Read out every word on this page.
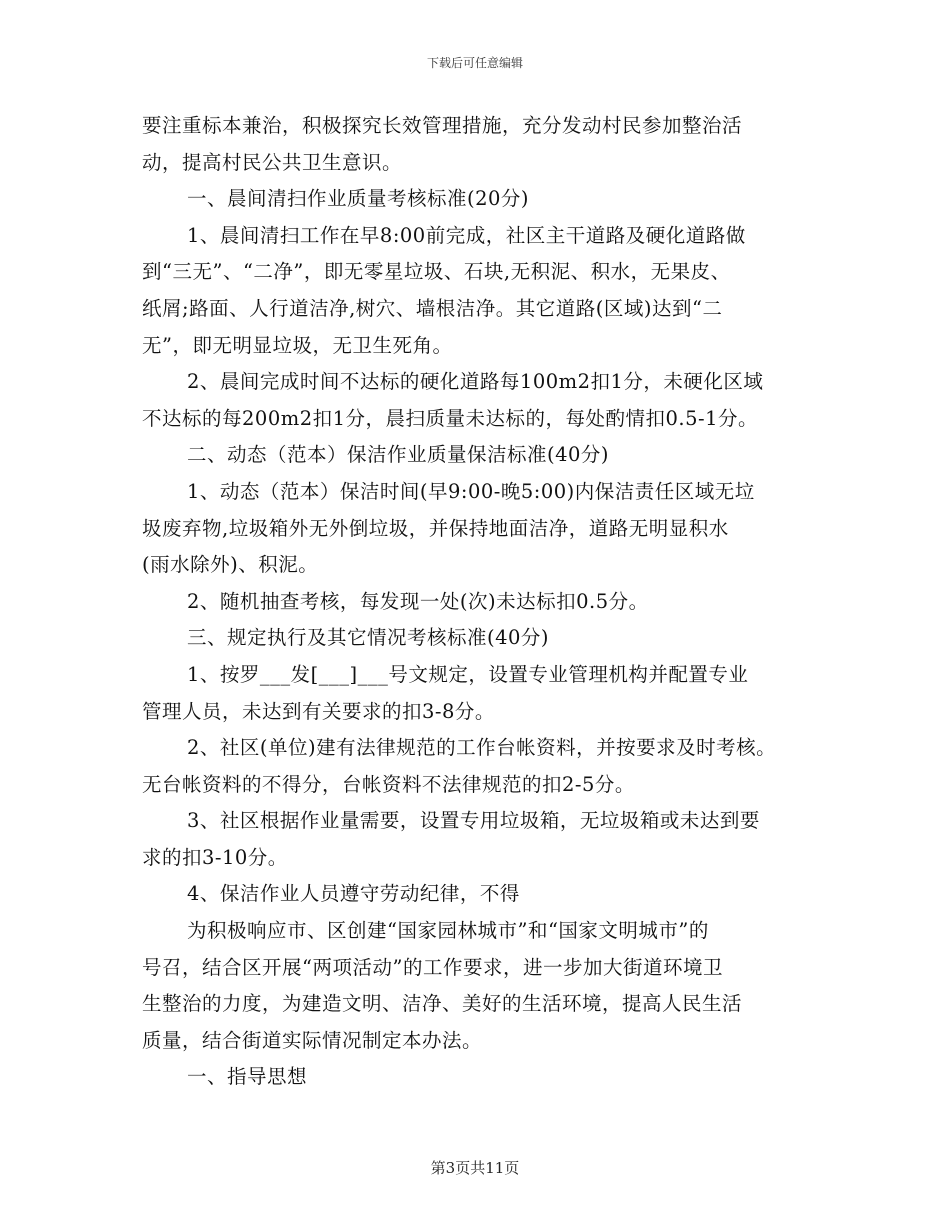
下载后可任意编辑
要注重标本兼治，积极探究长效管理措施，充分发动村民参加整治活
动，提高村民公共卫生意识。
一、晨间清扫作业质量考核标准(20分)
1、晨间清扫工作在早8:00前完成，社区主干道路及硬化道路做
到“三无”、“二净”，即无零星垃圾、石块,无积泥、积水，无果皮、
纸屑;路面、人行道洁净,树穴、墙根洁净。其它道路(区域)达到“二
无”，即无明显垃圾，无卫生死角。
2、晨间完成时间不达标的硬化道路每100m2扣1分，未硬化区域
不达标的每200m2扣1分，晨扫质量未达标的，每处酌情扣0.5-1分。
二、动态（范本）保洁作业质量保洁标准(40分)
1、动态（范本）保洁时间(早9:00-晚5:00)内保洁责任区域无垃
圾废弃物,垃圾箱外无外倒垃圾，并保持地面洁净，道路无明显积水
(雨水除外)、积泥。
2、随机抽查考核，每发现一处(次)未达标扣0.5分。
三、规定执行及其它情况考核标准(40分)
1、按罗___发[___]___号文规定，设置专业管理机构并配置专业
管理人员，未达到有关要求的扣3-8分。
2、社区(单位)建有法律规范的工作台帐资料，并按要求及时考核。
无台帐资料的不得分，台帐资料不法律规范的扣2-5分。
3、社区根据作业量需要，设置专用垃圾箱，无垃圾箱或未达到要
求的扣3-10分。
4、保洁作业人员遵守劳动纪律，不得
为积极响应市、区创建“国家园林城市”和“国家文明城市”的
号召，结合区开展“两项活动”的工作要求，进一步加大街道环境卫
生整治的力度，为建造文明、洁净、美好的生活环境，提高人民生活
质量，结合街道实际情况制定本办法。
一、指导思想
第3页共11页
